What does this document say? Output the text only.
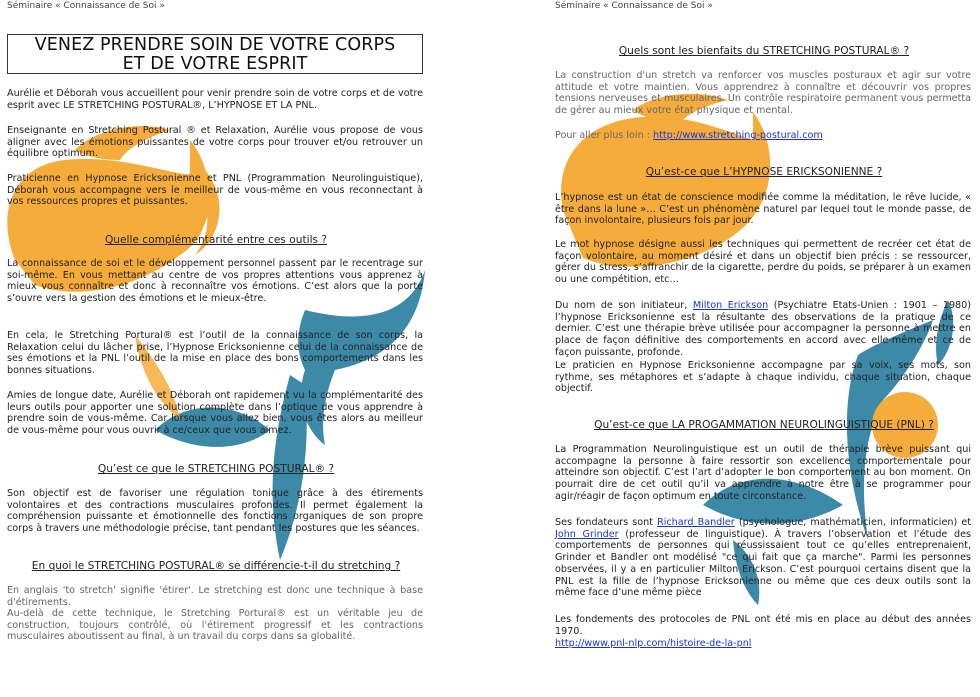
Séminaire « Connaissance de Soi »
VENEZ PRENDRE SOIN DE VOTRE CORPS
ET DE VOTRE ESPRIT

Aurélie et Déborah vous accueillent pour venir prendre soin de votre corps et de votre esprit avec LE STRETCHING POSTURAL®, L’HYPNOSE ET LA PNL.

Enseignante en Stretching Postural ® et Relaxation, Aurélie vous propose de vous aligner avec les émotions puissantes de votre corps pour trouver et/ou retrouver un équilibre optimum.

Praticienne en Hypnose Ericksonienne et PNL (Programmation Neurolinguistique), Déborah vous accompagne vers le meilleur de vous-même en vous reconnectant à vos ressources propres et puissantes.

Quelle complémentarité entre ces outils ?

La connaissance de soi et le développement personnel passent par le recentrage sur soi-même. En vous mettant au centre de vos propres attentions vous apprenez à mieux vous connaître et donc à reconnaître vos émotions. C’est alors que la porte s’ouvre vers la gestion des émotions et le mieux-être.

En cela, le Stretching Portural® est l’outil de la connaissance de son corps, la Relaxation celui du lâcher prise, l’Hypnose Ericksonienne celui de la connaissance de ses émotions et la PNL l’outil de la mise en place des bons comportements dans les bonnes situations.

Amies de longue date, Aurélie et Déborah ont rapidement vu la complémentarité des leurs outils pour apporter une solution complète dans l’optique de vous apprendre à prendre soin de vous-même. Car lorsque vous allez bien, vous êtes alors au meilleur de vous-même pour vous ouvrir à ce/ceux que vous aimez.

Qu’est ce que le STRETCHING POSTURAL® ?

Son objectif est de favoriser une régulation tonique grâce à des étirements volontaires et des contractions musculaires profondes. Il permet également la compréhension puissante et émotionnelle des fonctions organiques de son propre corps à travers une méthodologie précise, tant pendant les postures que les séances.

En quoi le STRETCHING POSTURAL® se différencie-t-il du stretching ?

En anglais 'to stretch' signifie 'étirer'. Le stretching est donc une technique à base d'étirements.

Au-delà de cette technique, le Stretching Portural® est un véritable jeu de construction, toujours contrôlé, où l'étirement progressif et les contractions musculaires aboutissent au final, à un travail du corps dans sa globalité.

Séminaire « Connaissance de Soi »

Quels sont les bienfaits du STRETCHING POSTURAL® ?

La construction d'un stretch va renforcer vos muscles posturaux et agir sur votre attitude et votre maintien. Vous apprendrez à connaître et découvrir vos propres tensions nerveuses et musculaires. Un contrôle respiratoire permanent vous permetta de gérer au mieux votre état physique et mental.

Pour aller plus loin : http://www.stretching-postural.com

Qu’est-ce que L’HYPNOSE ERICKSONIENNE ?

L’hypnose est un état de conscience modifiée comme la méditation, le rêve lucide, « être dans la lune »… C’est un phénomène naturel par lequel tout le monde passe, de façon involontaire, plusieurs fois par jour.

Le mot hypnose désigne aussi les techniques qui permettent de recréer cet état de façon volontaire, au moment désiré et dans un objectif bien précis : se ressourcer, gérer du stress, s’affranchir de la cigarette, perdre du poids, se préparer à un examen ou une compétition, etc…

Du nom de son initiateur, Milton Erickson (Psychiatre Etats-Unien : 1901 – 1980) l’hypnose Ericksonienne est la résultante des observations de la pratique de ce dernier. C’est une thérapie brève utilisée pour accompagner la personne à mettre en place de façon définitive des comportements en accord avec elle-même et ce de façon puissante, profonde.

Le praticien en Hypnose Ericksonienne accompagne par sa voix, ses mots, son rythme, ses métaphores et s’adapte à chaque individu, chaque situation, chaque objectif.

Qu’est-ce que LA PROGAMMATION NEUROLINGUISTIQUE (PNL) ?

La Programmation Neurolinguistique est un outil de thérapie brève puissant qui accompagne la personne à faire ressortir son excellence comportementale pour atteindre son objectif. C’est l’art d’adopter le bon comportement au bon moment. On pourrait dire de cet outil qu’il va apprendre à notre être à se programmer pour agir/réagir de façon optimum en toute circonstance.

Ses fondateurs sont Richard Bandler (psychologue, mathématicien, informaticien) et John Grinder (professeur de linguistique). À travers l’observation et l’étude des comportements de personnes qui réussissaient tout ce qu’elles entreprenaient, Grinder et Bandler ont modélisé "ce qui fait que ça marche". Parmi les personnes observées, il y a en particulier Milton Erickson. C’est pourquoi certains disent que la PNL est la fille de l’hypnose Ericksonienne ou même que ces deux outils sont la même face d’une même pièce

Les fondements des protocoles de PNL ont été mis en place au début des années 1970.

http://www.pnl-nlp.com/histoire-de-la-pnl
